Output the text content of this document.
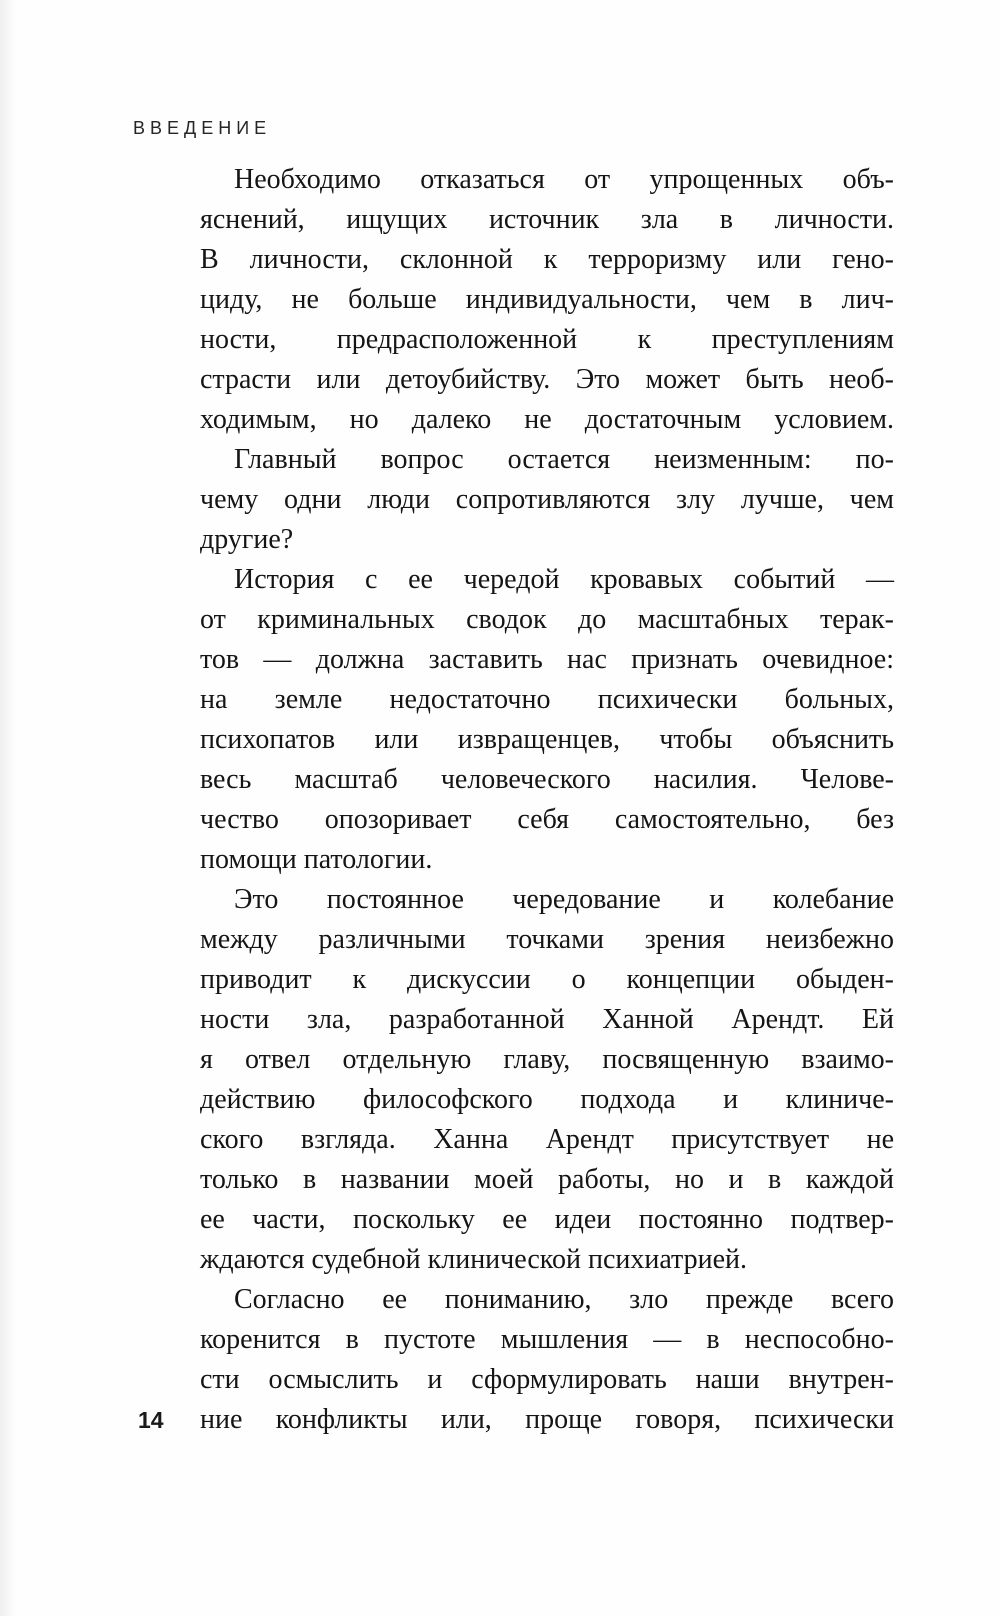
ВВЕДЕНИЕ
Необходимо отказаться от упрощенных объ-
яснений, ищущих источник зла в личности.
В личности, склонной к терроризму или гено-
циду, не больше индивидуальности, чем в лич-
ности, предрасположенной к преступлениям
страсти или детоубийству. Это может быть необ-
ходимым, но далеко не достаточным условием.
Главный вопрос остается неизменным: по-
чему одни люди сопротивляются злу лучше, чем
другие?
История с ее чередой кровавых событий —
от криминальных сводок до масштабных терак-
тов — должна заставить нас признать очевидное:
на земле недостаточно психически больных,
психопатов или извращенцев, чтобы объяснить
весь масштаб человеческого насилия. Челове-
чество опозоривает себя самостоятельно, без
помощи патологии.
Это постоянное чередование и колебание
между различными точками зрения неизбежно
приводит к дискуссии о концепции обыден-
ности зла, разработанной Ханной Арендт. Ей
я отвел отдельную главу, посвященную взаимо-
действию философского подхода и клиниче-
ского взгляда. Ханна Арендт присутствует не
только в названии моей работы, но и в каждой
ее части, поскольку ее идеи постоянно подтвер-
ждаются судебной клинической психиатрией.
Согласно ее пониманию, зло прежде всего
коренится в пустоте мышления — в неспособно-
сти осмыслить и сформулировать наши внутрен-
ние конфликты или, проще говоря, психически
14
